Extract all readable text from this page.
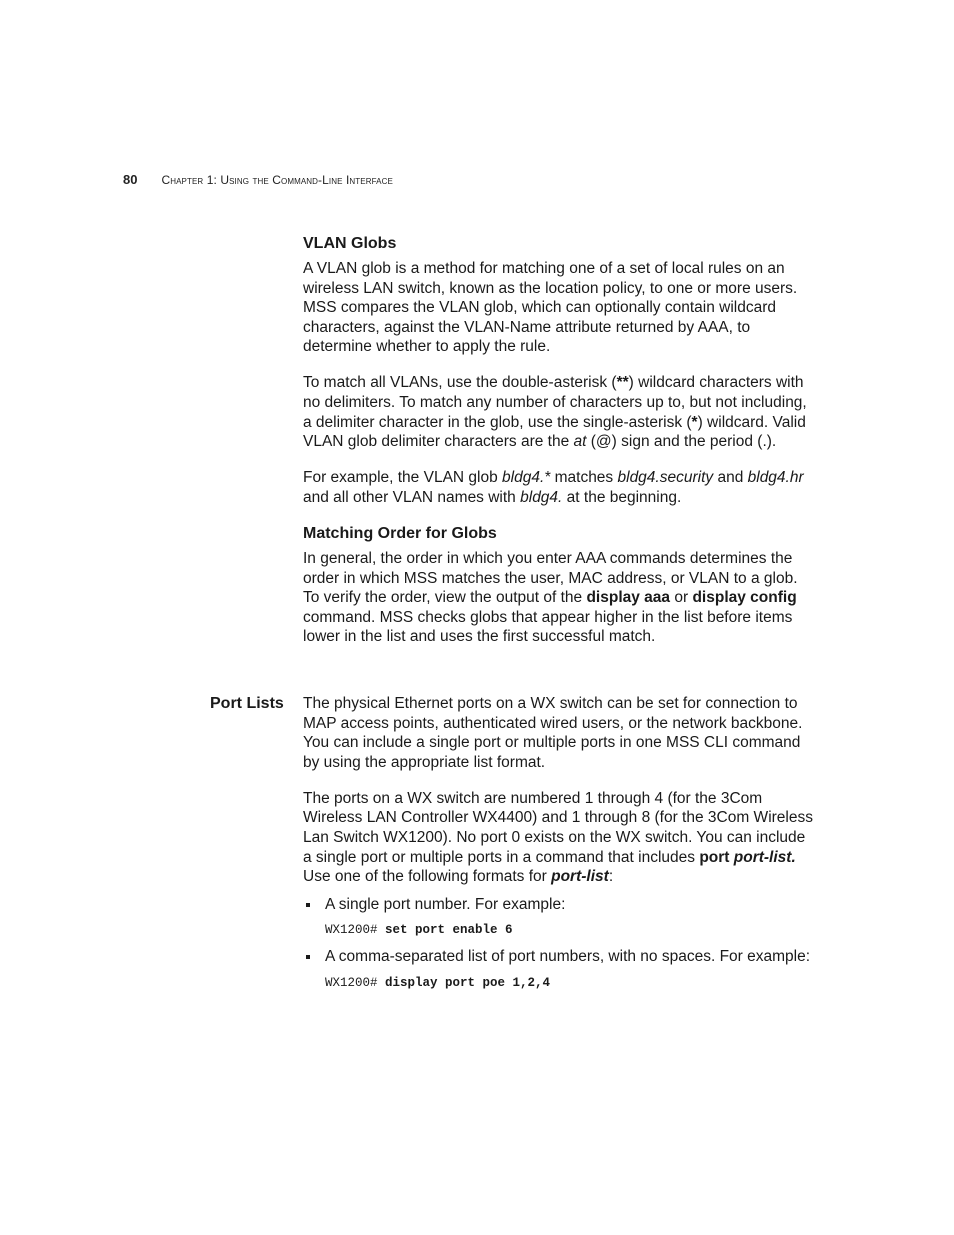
80 Chapter 1: Using the Command-Line Interface
VLAN Globs

A VLAN glob is a method for matching one of a set of local rules on an wireless LAN switch, known as the location policy, to one or more users. MSS compares the VLAN glob, which can optionally contain wildcard characters, against the VLAN-Name attribute returned by AAA, to determine whether to apply the rule.

To match all VLANs, use the double-asterisk (**) wildcard characters with no delimiters. To match any number of characters up to, but not including, a delimiter character in the glob, use the single-asterisk (*) wildcard. Valid VLAN glob delimiter characters are the at (@) sign and the period (.).

For example, the VLAN glob bldg4.* matches bldg4.security and bldg4.hr and all other VLAN names with bldg4. at the beginning.

Matching Order for Globs

In general, the order in which you enter AAA commands determines the order in which MSS matches the user, MAC address, or VLAN to a glob. To verify the order, view the output of the display aaa or display config command. MSS checks globs that appear higher in the list before items lower in the list and uses the first successful match.

Port Lists The physical Ethernet ports on a WX switch can be set for connection to MAP access points, authenticated wired users, or the network backbone. You can include a single port or multiple ports in one MSS CLI command by using the appropriate list format.

The ports on a WX switch are numbered 1 through 4 (for the 3Com Wireless LAN Controller WX4400) and 1 through 8 (for the 3Com Wireless Lan Switch WX1200). No port 0 exists on the WX switch. You can include a single port or multiple ports in a command that includes port port-list. Use one of the following formats for port-list:

A single port number. For example:

WX1200# set port enable 6

A comma-separated list of port numbers, with no spaces. For example:

WX1200# display port poe 1,2,4
